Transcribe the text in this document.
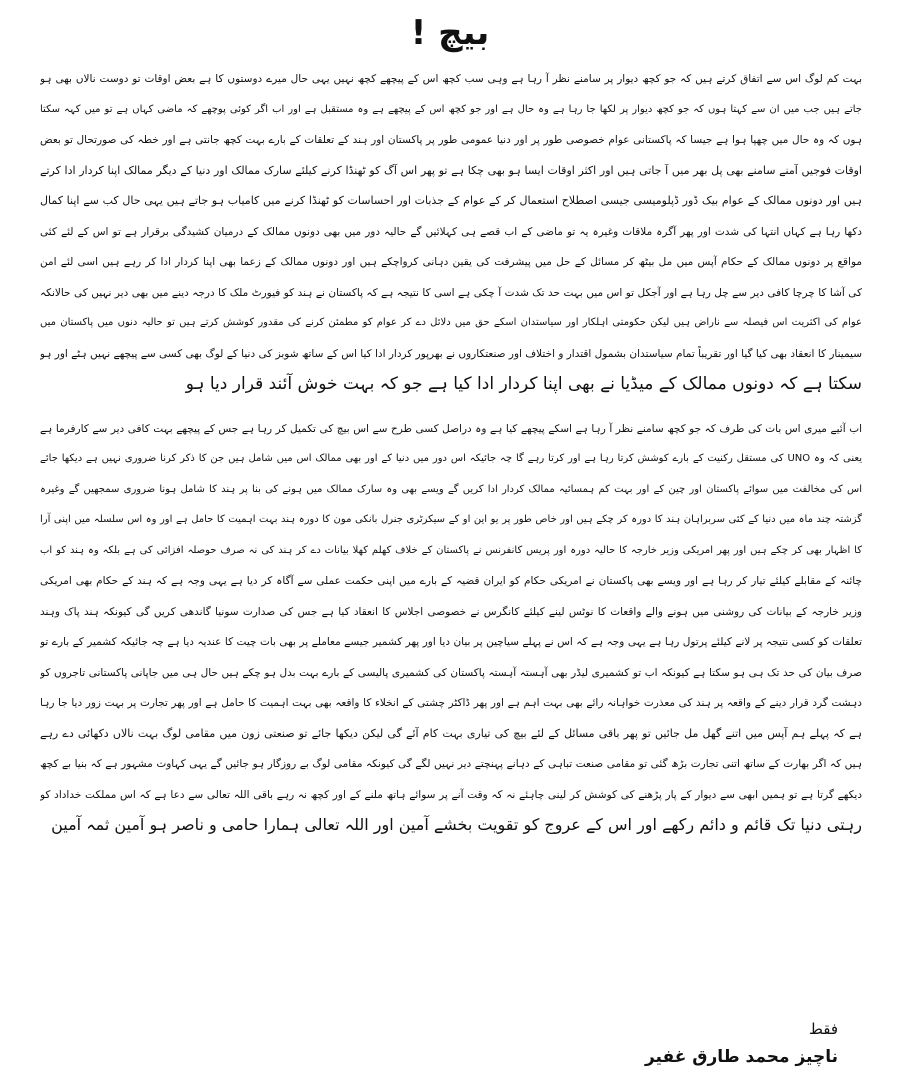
بیچ !
بہت کم لوگ اس سے اتفاق کرتے ہیں کہ جو کچھ دیوار پر سامنے نظر آ رہا ہے وہی سب کچھ اس کے پیچھے کچھ نہیں یہی حال میرے دوستوں کا ہے بعض اوقات تو دوست نالاں بھی ہو
جاتے ہیں جب میں ان سے کہتا ہوں کہ جو کچھ دیوار پر لکھا جا رہا ہے وہ حال ہے اور جو کچھ اس کے پیچھے ہے وہ مستقبل ہے اور اب اگر کوئی پوچھے کہ ماضی کہاں ہے تو میں کہہ سکتا
ہوں کہ وہ حال میں چھپا ہوا ہے جیسا کہ پاکستانی عوام خصوصی طور پر اور دنیا عمومی طور پر پاکستان اور ہند کے تعلقات کے بارے بہت کچھ جانتی ہے اور خطہ کی صورتحال تو بعض
اوقات فوجیں آمنے سامنے بھی پل بھر میں آ جاتی ہیں اور اکثر اوقات ایسا ہو بھی چکا ہے تو پھر اس آگ کو ٹھنڈا کرنے کیلئے سارک ممالک اور دنیا کے دیگر ممالک اپنا کردار ادا کرتے
ہیں اور دونوں ممالک کے عوام بیک ڈور ڈپلومیسی جیسی اصطلاح استعمال کر کے عوام کے جذبات اور احساسات کو ٹھنڈا کرنے میں کامیاب ہو جاتے ہیں یہی حال کب سے اپنا کمال
دکھا رہا ہے کہاں انتہا کی شدت اور پھر آگرہ ملاقات وغیرہ یہ تو ماضی کے اب قصے ہی کہلائیں گے حالیہ دور میں بھی دونوں ممالک کے درمیان کشیدگی برقرار ہے تو اس کے لئے کئی
مواقع پر دونوں ممالک کے حکام آپس میں مل بیٹھ کر مسائل کے حل میں پیشرفت کی یقین دہانی کرواچکے ہیں اور دونوں ممالک کے زعما بھی اپنا کردار ادا کر رہے ہیں اسی لئے امن
کی آشا کا چرچا کافی دیر سے چل رہا ہے اور آجکل تو اس میں بہت حد تک شدت آ چکی ہے اسی کا نتیجہ ہے کہ پاکستان نے ہند کو فیورٹ ملک کا درجہ دینے میں بھی دیر نہیں کی حالانکہ
عوام کی اکثریت اس فیصلہ سے ناراض ہیں لیکن حکومتی اہلکار اور سیاستدان اسکے حق میں دلائل دے کر عوام کو مطمئن کرنے کی مقدور کوشش کرتے ہیں تو حالیہ دنوں میں پاکستان میں
سیمینار کا انعقاد بھی کیا گیا اور تقریباً تمام سیاستدان بشمول اقتدار و اختلاف اور صنعتکاروں نے بھرپور کردار ادا کیا اس کے ساتھ شوبز کی دنیا کے لوگ بھی کسی سے پیچھے نہیں ہٹے اور ہو
سکتا ہے کہ دونوں ممالک کے میڈیا نے بھی اپنا کردار ادا کیا ہے جو کہ بہت خوش آئند قرار دیا ہو
اب آئیے میری اس بات کی طرف کہ جو کچھ سامنے نظر آ رہا ہے اسکے پیچھے کیا ہے وہ دراصل کسی طرح سے اس بیچ کی تکمیل کر رہا ہے جس کے پیچھے بہت کافی دیر سے کارفرما ہے
یعنی کہ وہ UNO کی مستقل رکنیت کے بارے کوشش کرتا رہا ہے اور کرتا رہے گا چہ جائیکہ اس دور میں دنیا کے اور بھی ممالک اس میں شامل ہیں جن کا ذکر کرنا ضروری نہیں ہے دیکھا جائے
اس کی مخالفت میں سوائے پاکستان اور چین کے اور بہت کم ہمسائیہ ممالک کردار ادا کریں گے ویسے بھی وہ سارک ممالک میں ہونے کی بنا پر ہند کا شامل ہونا ضروری سمجھیں گے وغیرہ
گزشتہ چند ماہ میں دنیا کے کئی سربراہان ہند کا دورہ کر چکے ہیں اور خاص طور پر یو این او کے سیکرٹری جنرل بانکی مون کا دورہ ہند بہت اہمیت کا حامل ہے اور وہ اس سلسلہ میں اپنی آرا
کا اظہار بھی کر چکے ہیں اور پھر امریکی وزیر خارجہ کا حالیہ دورہ اور پریس کانفرنس نے پاکستان کے خلاف کھلم کھلا بیانات دے کر ہند کی نہ صرف حوصلہ افزائی کی ہے بلکہ وہ ہند کو اب
چائنہ کے مقابلے کیلئے تیار کر رہا ہے اور ویسے بھی پاکستان نے امریکی حکام کو ایران قضیہ کے بارے میں اپنی حکمت عملی سے آگاہ کر دیا ہے یہی وجہ ہے کہ ہند کے حکام بھی امریکی
وزیر خارجہ کے بیانات کی روشنی میں ہونے والے واقعات کا نوٹس لینے کیلئے کانگرس نے خصوصی اجلاس کا انعقاد کیا ہے جس کی صدارت سونیا گاندھی کریں گی کیونکہ ہند پاک وہند
تعلقات کو کسی نتیجہ پر لانے کیلئے پرتول رہا ہے یہی وجہ ہے کہ اس نے پہلے سیاچین پر بیان دیا اور پھر کشمیر جیسے معاملے پر بھی بات چیت کا عندیہ دیا ہے چہ جائیکہ کشمیر کے بارے تو
صرف بیان کی حد تک ہی ہو سکتا ہے کیونکہ اب تو کشمیری لیڈر بھی آہستہ آہستہ پاکستان کی کشمیری پالیسی کے بارے بہت بدل ہو چکے ہیں حال ہی میں جاپانی پاکستانی تاجروں کو
دہشت گرد قرار دینے کے واقعہ پر ہند کی معذرت خواہانہ رائے بھی بہت اہم ہے اور پھر ڈاکٹر چشتی کے انخلاء کا واقعہ بھی بہت اہمیت کا حامل ہے اور پھر تجارت پر بہت زور دیا جا رہا
ہے کہ پہلے ہم آپس میں اتنے گھل مل جائیں تو پھر باقی مسائل کے لئے بیچ کی تیاری بہت کام آئے گی لیکن دیکھا جائے تو صنعتی زون میں مقامی لوگ بہت نالاں دکھائی دے رہے
ہیں کہ اگر بھارت کے ساتھ اتنی تجارت بڑھ گئی تو مقامی صنعت تباہی کے دہانے پہنچتے دیر نہیں لگے گی کیونکہ مقامی لوگ بے روزگار ہو جائیں گے یہی کہاوت مشہور ہے کہ بنیا بے کچھ
دیکھے گرتا ہے تو ہمیں ابھی سے دیوار کے پار پڑھنے کی کوشش کر لینی چاہئے نہ کہ وقت آنے پر سوائے ہاتھ ملنے کے اور کچھ نہ رہے باقی اللہ تعالی سے دعا ہے کہ اس مملکت خداداد کو
رہتی دنیا تک قائم و دائم رکھے اور اس کے عروج کو تقویت بخشے آمین اور اللہ تعالی ہمارا حامی و ناصر ہو آمین ثمہ آمین
فقط
ناچیز محمد طارق غفیر
